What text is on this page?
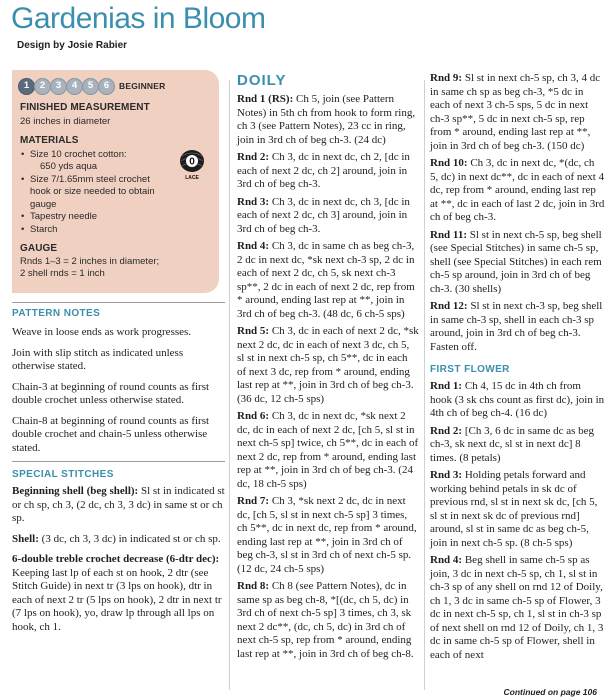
Gardenias in Bloom
Design by Josie Rabier
1	2	3	4	5	6	BEGINNER
FINISHED MEASUREMENT
26 inches in diameter
MATERIALS
• Size 10 crochet cotton:
650 yds aqua
• Size 7/1.65mm steel crochet hook or size needed to obtain gauge
• Tapestry needle
• Starch
GAUGE
Rnds 1–3 = 2 inches in diameter;
2 shell rnds = 1 inch
0
LACE
PATTERN NOTES

Weave in loose ends as work progresses.

Join with slip stitch as indicated unless otherwise stated.

Chain-3 at beginning of round counts as first double crochet unless otherwise stated.

Chain-8 at beginning of round counts as first double crochet and chain-5 unless otherwise stated.

SPECIAL STITCHES

Beginning shell (beg shell): Sl st in indicated st or ch sp, ch 3, (2 dc, ch 3, 3 dc) in same st or ch sp.

Shell: (3 dc, ch 3, 3 dc) in indicated st or ch sp.

6-double treble crochet decrease (6-dtr dec): Keeping last lp of each st on hook, 2 dtr (see Stitch Guide) in next tr (3 lps on hook), dtr in each of next 2 tr (5 lps on hook), 2 dtr in next tr (7 lps on hook), yo, draw lp through all lps on hook, ch 1.

DOILY

Rnd 1 (RS): Ch 5, join (see Pattern Notes) in 5th ch from hook to form ring, ch 3 (see Pattern Notes), 23 cc in ring, join in 3rd ch of beg ch-3. (24 dc)

Rnd 2: Ch 3, dc in next dc, ch 2, [dc in each of next 2 dc, ch 2] around, join in 3rd ch of beg ch-3.

Rnd 3: Ch 3, dc in next dc, ch 3, [dc in each of next 2 dc, ch 3] around, join in 3rd ch of beg ch-3.

Rnd 4: Ch 3, dc in same ch as beg ch-3, 2 dc in next dc, *sk next ch-3 sp, 2 dc in each of next 2 dc, ch 5, sk next ch-3 sp**, 2 dc in each of next 2 dc, rep from * around, ending last rep at **, join in 3rd ch of beg ch-3. (48 dc, 6 ch-5 sps)

Rnd 5: Ch 3, dc in each of next 2 dc, *sk next 2 dc, dc in each of next 3 dc, ch 5, sl st in next ch-5 sp, ch 5**, dc in each of next 3 dc, rep from * around, ending last rep at **, join in 3rd ch of beg ch-3. (36 dc, 12 ch-5 sps)

Rnd 6: Ch 3, dc in next dc, *sk next 2 dc, dc in each of next 2 dc, [ch 5, sl st in next ch-5 sp] twice, ch 5**, dc in each of next 2 dc, rep from * around, ending last rep at **, join in 3rd ch of beg ch-3. (24 dc, 18 ch-5 sps)

Rnd 7: Ch 3, *sk next 2 dc, dc in next dc, [ch 5, sl st in next ch-5 sp] 3 times, ch 5**, dc in next dc, rep from * around, ending last rep at **, join in 3rd ch of beg ch-3, sl st in 3rd ch of next ch-5 sp. (12 dc, 24 ch-5 sps)

Rnd 8: Ch 8 (see Pattern Notes), dc in same sp as beg ch-8, *[(dc, ch 5, dc) in 3rd ch of next ch-5 sp] 3 times, ch 3, sk next 2 dc**, (dc, ch 5, dc) in 3rd ch of next ch-5 sp, rep from * around, ending last rep at **, join in 3rd ch of beg ch-8.

Rnd 9: Sl st in next ch-5 sp, ch 3, 4 dc in same ch sp as beg ch-3, *5 dc in each of next 3 ch-5 sps, 5 dc in next ch-3 sp**, 5 dc in next ch-5 sp, rep from * around, ending last rep at **, join in 3rd ch of beg ch-3. (150 dc)

Rnd 10: Ch 3, dc in next dc, *(dc, ch 5, dc) in next dc**, dc in each of next 4 dc, rep from * around, ending last rep at **, dc in each of last 2 dc, join in 3rd ch of beg ch-3.

Rnd 11: Sl st in next ch-5 sp, beg shell (see Special Stitches) in same ch-5 sp, shell (see Special Stitches) in each rem ch-5 sp around, join in 3rd ch of beg ch-3. (30 shells)

Rnd 12: Sl st in next ch-3 sp, beg shell in same ch-3 sp, shell in each ch-3 sp around, join in 3rd ch of beg ch-3. Fasten off.

FIRST FLOWER

Rnd 1: Ch 4, 15 dc in 4th ch from hook (3 sk chs count as first dc), join in 4th ch of beg ch-4. (16 dc)

Rnd 2: [Ch 3, 6 dc in same dc as beg ch-3, sk next dc, sl st in next dc] 8 times. (8 petals)

Rnd 3: Holding petals forward and working behind petals in sk dc of previous rnd, sl st in next sk dc, [ch 5, sl st in next sk dc of previous rnd] around, sl st in same dc as beg ch-5, join in next ch-5 sp. (8 ch-5 sps)

Rnd 4: Beg shell in same ch-5 sp as join, 3 dc in next ch-5 sp, ch 1, sl st in ch-3 sp of any shell on rnd 12 of Doily, ch 1, 3 dc in same ch-5 sp of Flower, 3 dc in next ch-5 sp, ch 1, sl st in ch-3 sp of next shell on rnd 12 of Doily, ch 1, 3 dc in same ch-5 sp of Flower, shell in each of next

Continued on page 106
